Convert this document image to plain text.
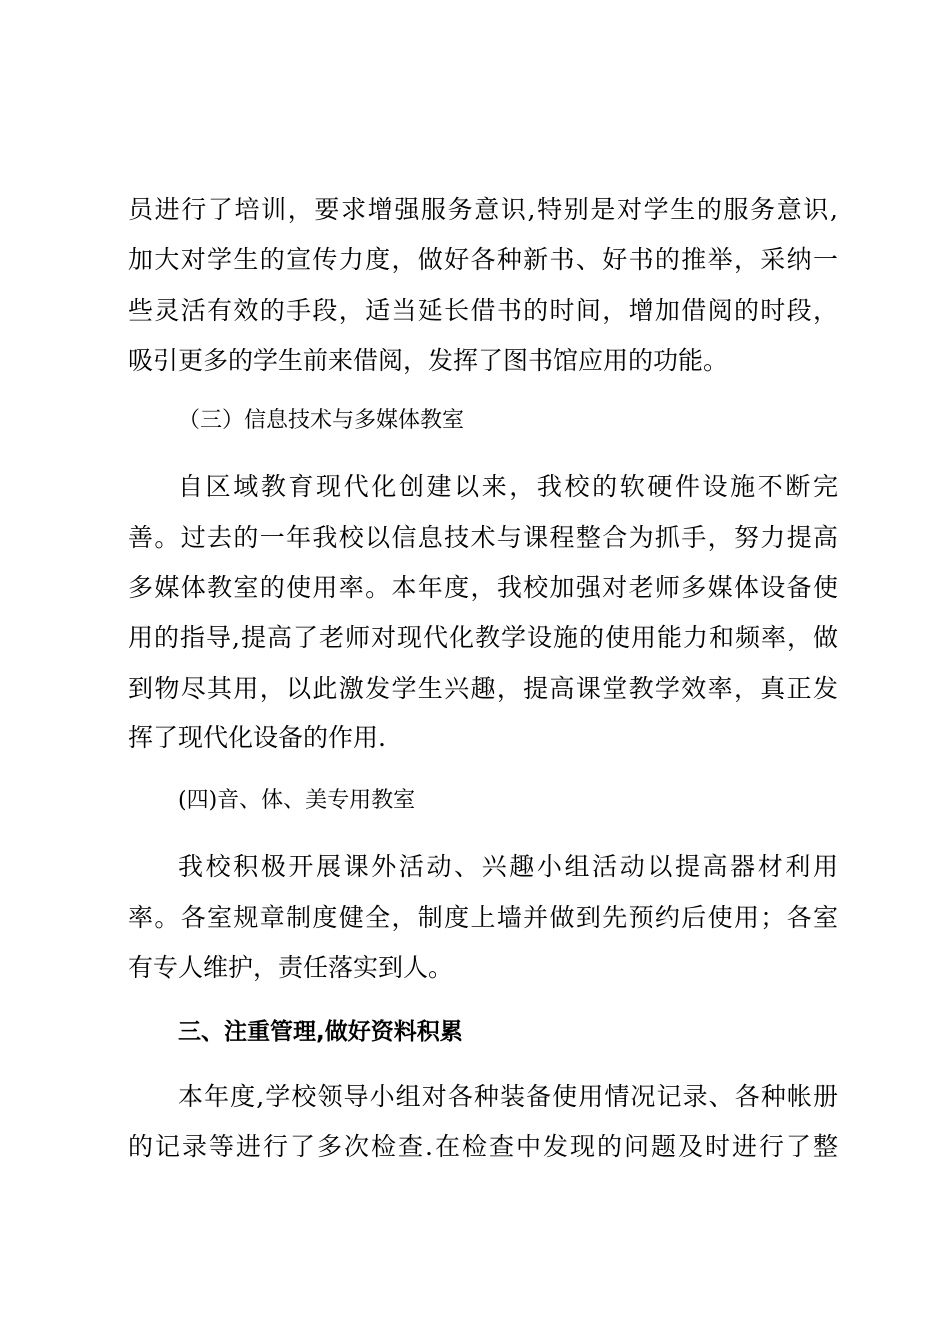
员进行了培训，要求增强服务意识,特别是对学生的服务意识,
加大对学生的宣传力度，做好各种新书、好书的推举，采纳一
些灵活有效的手段，适当延长借书的时间，增加借阅的时段，
吸引更多的学生前来借阅，发挥了图书馆应用的功能。
（三）信息技术与多媒体教室
自区域教育现代化创建以来，我校的软硬件设施不断完
善。过去的一年我校以信息技术与课程整合为抓手，努力提高
多媒体教室的使用率。本年度，我校加强对老师多媒体设备使
用的指导,提高了老师对现代化教学设施的使用能力和频率，做
到物尽其用，以此激发学生兴趣，提高课堂教学效率，真正发
挥了现代化设备的作用.
(四)音、体、美专用教室
我校积极开展课外活动、兴趣小组活动以提高器材利用
率。各室规章制度健全，制度上墙并做到先预约后使用；各室
有专人维护，责任落实到人。
三、注重管理,做好资料积累
本年度,学校领导小组对各种装备使用情况记录、各种帐册
的记录等进行了多次检查.在检查中发现的问题及时进行了整
